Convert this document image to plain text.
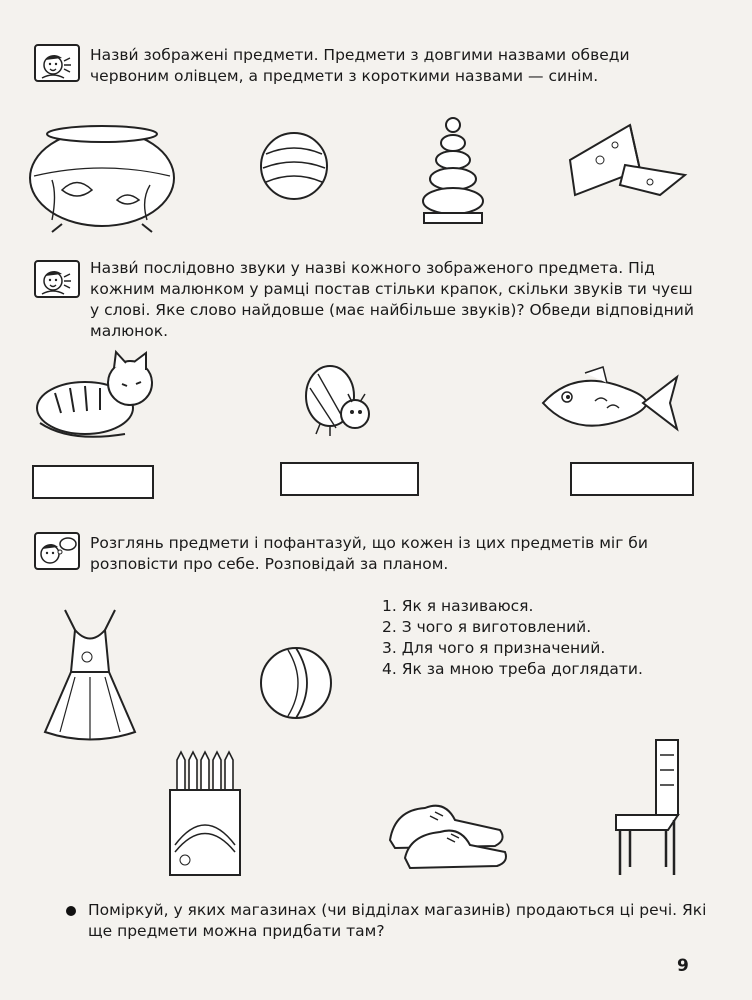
Назви́ зображені предмети. Предмети з довгими назвами обведи червоним олівцем, а предмети з короткими назвами — синім.
Назви́ послідовно звуки у назві кожного зображеного предмета. Під кожним малюнком у рамці постав стільки крапок, скільки звуків ти чуєш у слові. Яке слово найдовше (має найбільше звуків)? Обведи відповідний малюнок.
Розглянь предмети і пофантазуй, що кожен із цих предметів міг би розповісти про себе. Розповідай за планом.
1. Як я називаюся.
2. З чого я виготовлений.
3. Для чого я призначений.
4. Як за мною треба доглядати.
Поміркуй, у яких магазинах (чи відділах магазинів) продаються ці речі. Які ще предмети можна придбати там?
9
